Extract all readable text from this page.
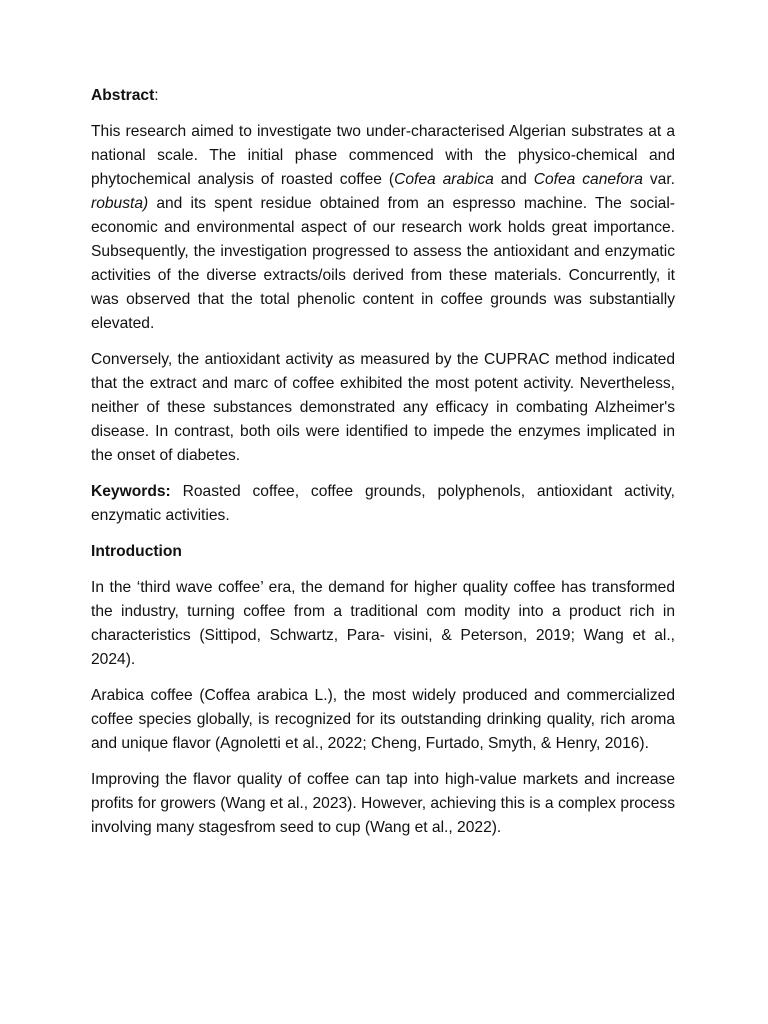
Abstract:

This research aimed to investigate two under-characterised Algerian substrates at a national scale. The initial phase commenced with the physico-chemical and phytochemical analysis of roasted coffee (Cofea arabica and Cofea canefora var. robusta) and its spent residue obtained from an espresso machine. The social-economic and environmental aspect of our research work holds great importance. Subsequently, the investigation progressed to assess the antioxidant and enzymatic activities of the diverse extracts/oils derived from these materials. Concurrently, it was observed that the total phenolic content in coffee grounds was substantially elevated.

Conversely, the antioxidant activity as measured by the CUPRAC method indicated that the extract and marc of coffee exhibited the most potent activity. Nevertheless, neither of these substances demonstrated any efficacy in combating Alzheimer's disease. In contrast, both oils were identified to impede the enzymes implicated in the onset of diabetes.

Keywords: Roasted coffee, coffee grounds, polyphenols, antioxidant activity, enzymatic activities.

Introduction

In the ‘third wave coffee’ era, the demand for higher quality coffee has transformed the industry, turning coffee from a traditional com modity into a product rich in characteristics (Sittipod, Schwartz, Para- visini, & Peterson, 2019; Wang et al., 2024).

Arabica coffee (Coffea arabica L.), the most widely produced and commercialized coffee species globally, is recognized for its outstanding drinking quality, rich aroma and unique flavor (Agnoletti et al., 2022; Cheng, Furtado, Smyth, & Henry, 2016).

Improving the flavor quality of coffee can tap into high-value markets and increase profits for growers (Wang et al., 2023). However, achieving this is a complex process involving many stagesfrom seed to cup (Wang et al., 2022).
